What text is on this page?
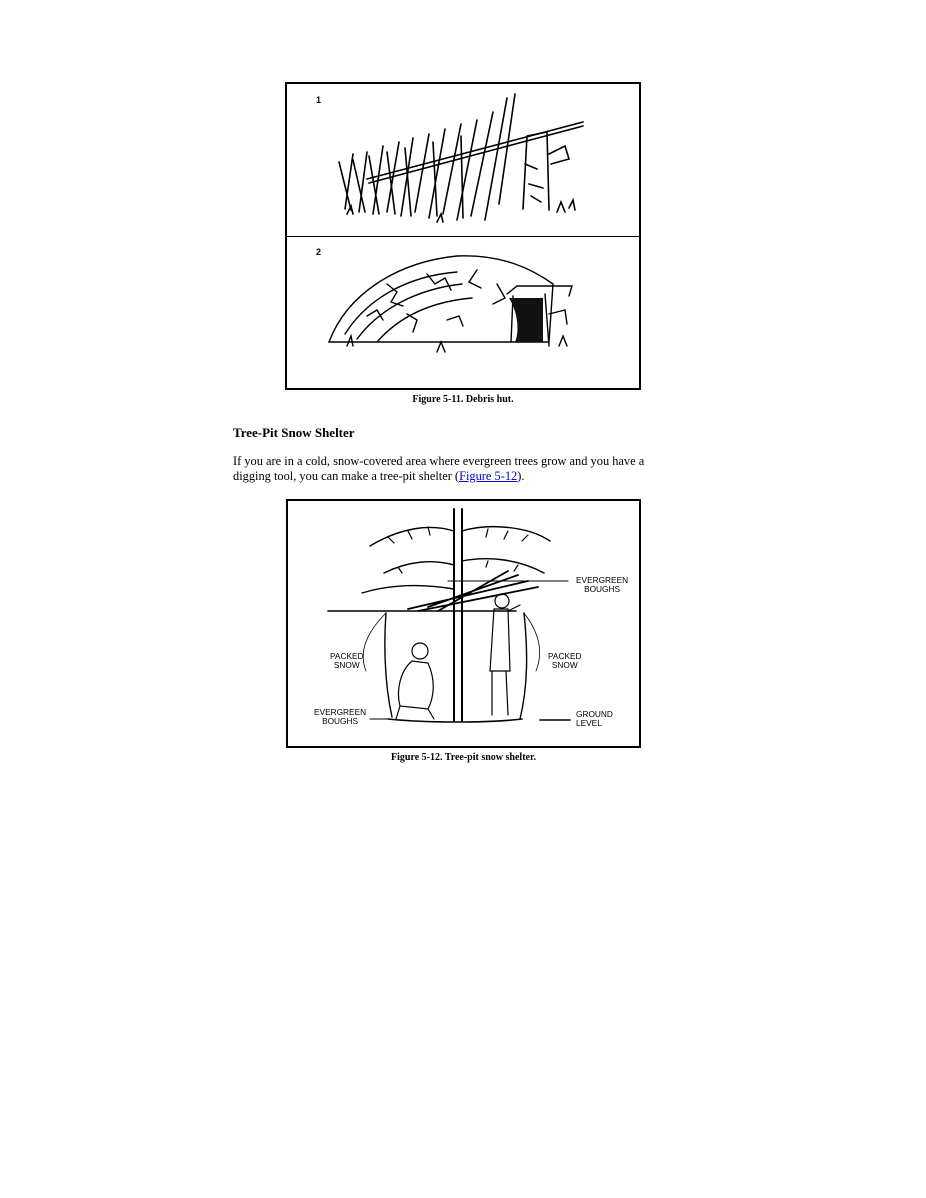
1
2
Figure 5-11. Debris hut.
Tree-Pit Snow Shelter
If you are in a cold, snow-covered area where evergreen trees grow and you have a digging tool, you can make a tree-pit shelter (Figure 5-12).
EVERGREEN
BOUGHS
PACKED
SNOW
PACKED
SNOW
EVERGREEN
BOUGHS
GROUND
LEVEL
Figure 5-12. Tree-pit snow shelter.
